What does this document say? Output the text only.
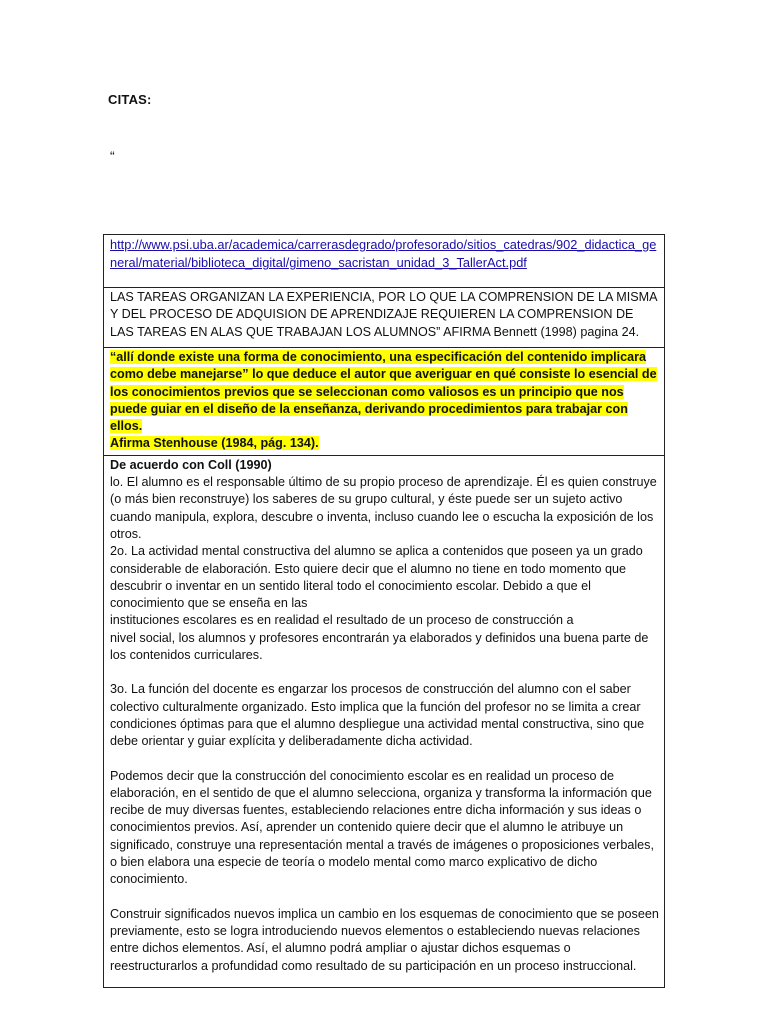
CITAS:
“
http://www.psi.uba.ar/academica/carrerasdegrado/profesorado/sitios_catedras/902_didactica_general/material/biblioteca_digital/gimeno_sacristan_unidad_3_TallerAct.pdf

LAS TAREAS ORGANIZAN LA EXPERIENCIA, POR LO QUE LA COMPRENSION DE LA MISMA Y DEL PROCESO DE ADQUISION DE APRENDIZAJE REQUIEREN LA COMPRENSION DE LAS TAREAS EN ALAS QUE TRABAJAN LOS ALUMNOS” AFIRMA Bennett (1998) pagina 24.

“allí donde existe una forma de conocimiento, una especificación del contenido implicara como debe manejarse” lo que deduce el autor que averiguar en qué consiste lo esencial de los conocimientos previos que se seleccionan como valiosos es un principio que nos puede guiar en el diseño de la enseñanza, derivando procedimientos para trabajar con ellos.

Afirma Stenhouse (1984, pág. 134).

De acuerdo con Coll (1990)

lo. El alumno es el responsable último de su propio proceso de aprendizaje. Él es quien construye (o más bien reconstruye) los saberes de su grupo cultural, y éste puede ser un sujeto activo cuando manipula, explora, descubre o inventa, incluso cuando lee o escucha la exposición de los otros.

2o. La actividad mental constructiva del alumno se aplica a contenidos que poseen ya un grado considerable de elaboración. Esto quiere decir que el alumno no tiene en todo momento que descubrir o inventar en un sentido literal todo el conocimiento escolar. Debido a que el conocimiento que se enseña en las

instituciones escolares es en realidad el resultado de un proceso de construcción a

nivel social, los alumnos y profesores encontrarán ya elaborados y definidos una buena parte de los contenidos curriculares.

3o. La función del docente es engarzar los procesos de construcción del alumno con el saber colectivo culturalmente organizado. Esto implica que la función del profesor no se limita a crear condiciones óptimas para que el alumno despliegue una actividad mental constructiva, sino que debe orientar y guiar explícita y deliberadamente dicha actividad.

Podemos decir que la construcción del conocimiento escolar es en realidad un proceso de elaboración, en el sentido de que el alumno selecciona, organiza y transforma la información que recibe de muy diversas fuentes, estableciendo relaciones entre dicha información y sus ideas o conocimientos previos. Así, aprender un contenido quiere decir que el alumno le atribuye un significado, construye una representación mental a través de imágenes o proposiciones verbales, o bien elabora una especie de teoría o modelo mental como marco explicativo de dicho conocimiento.

Construir significados nuevos implica un cambio en los esquemas de conocimiento que se poseen previamente, esto se logra introduciendo nuevos elementos o estableciendo nuevas relaciones entre dichos elementos. Así, el alumno podrá ampliar o ajustar dichos esquemas o reestructurarlos a profundidad como resultado de su participación en un proceso instruccional.
